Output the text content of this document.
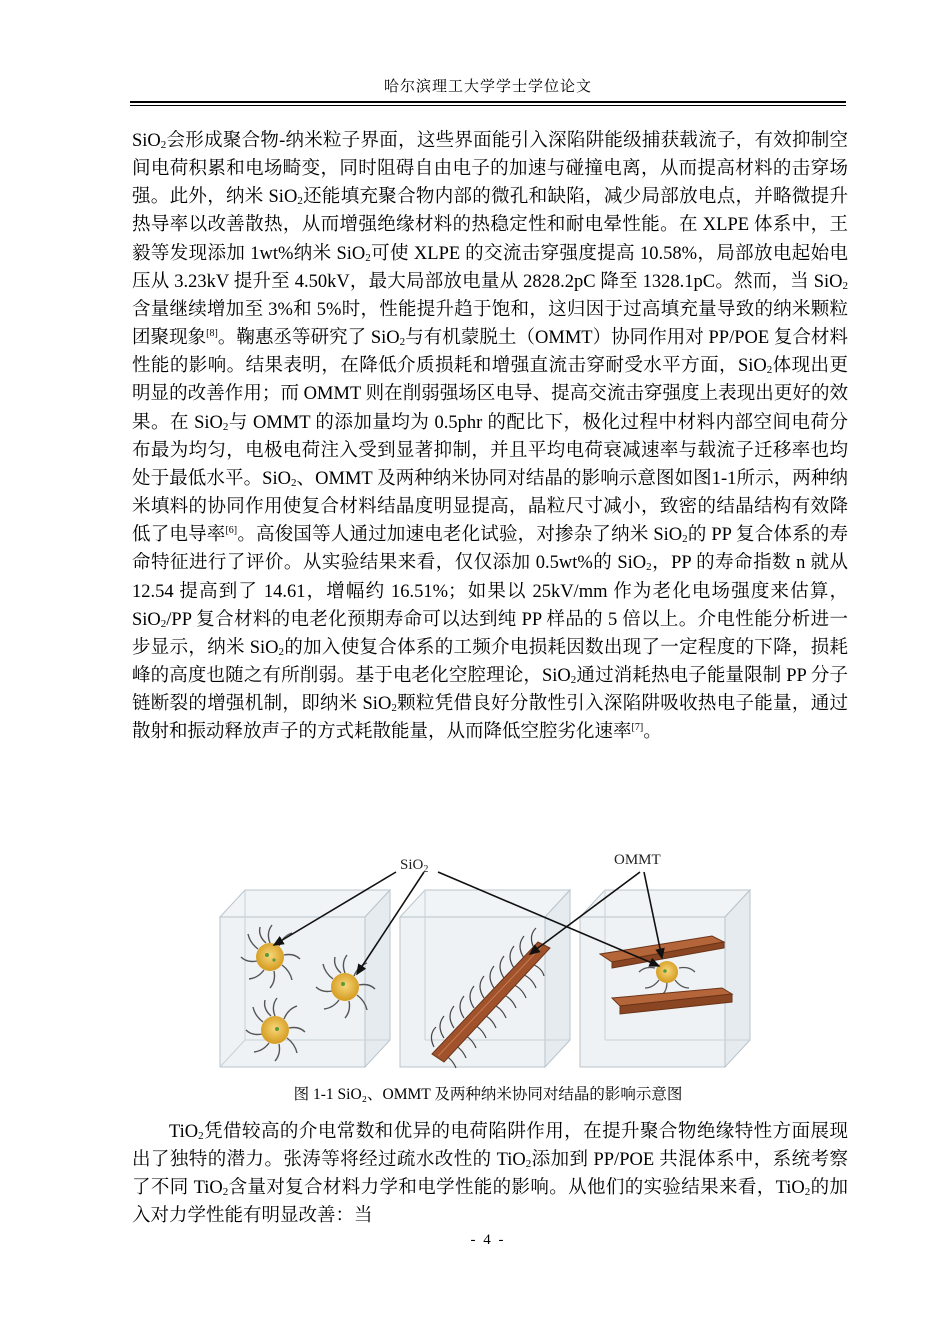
哈尔滨理工大学学士学位论文

SiO$_2$会形成聚合物-纳米粒子界面，这些界面能引入深陷阱能级捕获载流子，有效抑制空间电荷积累和电场畸变，同时阻碍自由电子的加速与碰撞电离，从而提高材料的击穿场强。此外，纳米 SiO$_2$还能填充聚合物内部的微孔和缺陷，减少局部放电点，并略微提升热导率以改善散热，从而增强绝缘材料的热稳定性和耐电晕性能。在 XLPE 体系中，王毅等发现添加 1wt%纳米 SiO$_2$可使 XLPE 的交流击穿强度提高 10.58%，局部放电起始电压从 3.23kV 提升至 4.50kV，最大局部放电量从 2828.2pC 降至 1328.1pC。然而，当 SiO$_2$含量继续增加至 3%和 5%时，性能提升趋于饱和，这归因于过高填充量导致的纳米颗粒团聚现象[8]。鞠惠丞等研究了 SiO$_2$与有机蒙脱土（OMMT）协同作用对 PP/POE 复合材料性能的影响。结果表明，在降低介质损耗和增强直流击穿耐受水平方面，SiO$_2$体现出更明显的改善作用；而 OMMT 则在削弱强场区电导、提高交流击穿强度上表现出更好的效果。在 SiO$_2$与 OMMT 的添加量均为 0.5phr 的配比下，极化过程中材料内部空间电荷分布最为均匀，电极电荷注入受到显著抑制，并且平均电荷衰减速率与载流子迁移率也均处于最低水平。SiO$_2$、OMMT 及两种纳米协同对结晶的影响示意图如图1-1所示，两种纳米填料的协同作用使复合材料结晶度明显提高，晶粒尺寸减小，致密的结晶结构有效降低了电导率[6]。高俊国等人通过加速电老化试验，对掺杂了纳米 SiO$_2$的 PP 复合体系的寿命特征进行了评价。从实验结果来看，仅仅添加 0.5wt%的 SiO$_2$，PP 的寿命指数 n 就从 12.54 提高到了 14.61，增幅约 16.51%；如果以 25kV/mm 作为老化电场强度来估算，SiO$_2$/PP 复合材料的电老化预期寿命可以达到纯 PP 样品的 5 倍以上。介电性能分析进一步显示，纳米 SiO$_2$的加入使复合体系的工频介电损耗因数出现了一定程度的下降，损耗峰的高度也随之有所削弱。基于电老化空腔理论，SiO$_2$通过消耗热电子能量限制 PP 分子链断裂的增强机制，即纳米 SiO$_2$颗粒凭借良好分散性引入深陷阱吸收热电子能量，通过散射和振动释放声子的方式耗散能量，从而降低空腔劣化速率[7]。

SiO$_2$
OMMT
图 1-1 SiO₂、OMMT 及两种纳米协同对结晶的影响示意图

TiO$_2$凭借较高的介电常数和优异的电荷陷阱作用，在提升聚合物绝缘特性方面展现出了独特的潜力。张涛等将经过疏水改性的 TiO$_2$添加到 PP/POE 共混体系中，系统考察了不同 TiO$_2$含量对复合材料力学和电学性能的影响。从他们的实验结果来看，TiO$_2$的加入对力学性能有明显改善：当

- 4 -
